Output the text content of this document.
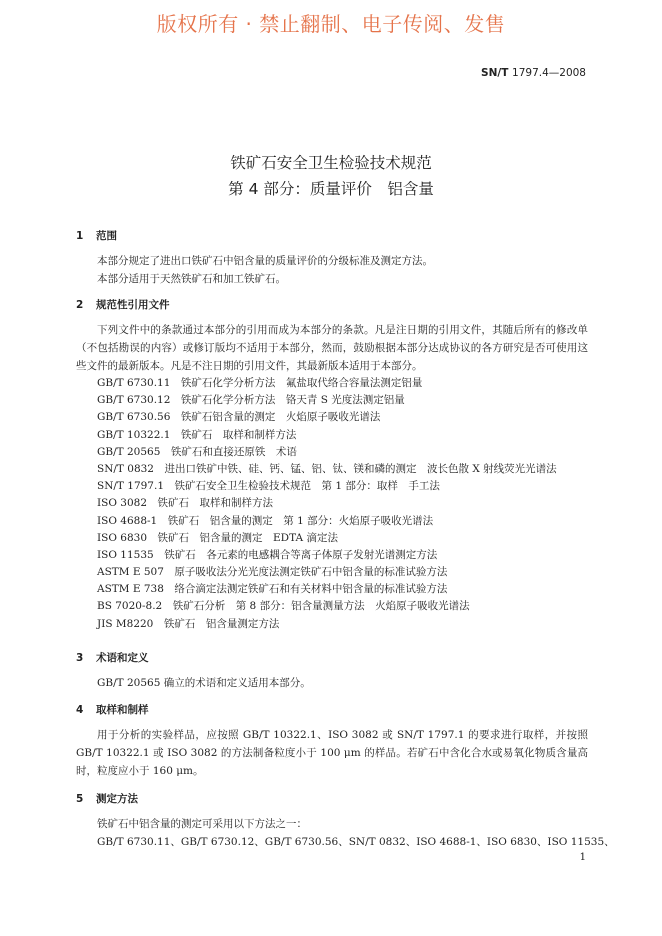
版权所有 · 禁止翻制、电子传阅、发售
SN/T 1797.4—2008
铁矿石安全卫生检验技术规范
第 4 部分：质量评价　铝含量
1 范围

本部分规定了进出口铁矿石中铝含量的质量评价的分级标准及测定方法。

本部分适用于天然铁矿石和加工铁矿石。

2 规范性引用文件

下列文件中的条款通过本部分的引用而成为本部分的条款。凡是注日期的引用文件，其随后所有的修改单（不包括勘误的内容）或修订版均不适用于本部分，然而，鼓励根据本部分达成协议的各方研究是否可使用这些文件的最新版本。凡是不注日期的引用文件，其最新版本适用于本部分。

GB/T 6730.11　铁矿石化学分析方法　氟盐取代络合容量法测定铝量
GB/T 6730.12　铁矿石化学分析方法　铬天青 S 光度法测定铝量
GB/T 6730.56　铁矿石铝含量的测定　火焰原子吸收光谱法
GB/T 10322.1　铁矿石　取样和制样方法
GB/T 20565　铁矿石和直接还原铁　术语
SN/T 0832　进出口铁矿中铁、硅、钙、锰、铝、钛、镁和磷的测定　波长色散 X 射线荧光光谱法
SN/T 1797.1　铁矿石安全卫生检验技术规范　第 1 部分：取样　手工法
ISO 3082　铁矿石　取样和制样方法
ISO 4688-1　铁矿石　铝含量的测定　第 1 部分：火焰原子吸收光谱法
ISO 6830　铁矿石　铝含量的测定　EDTA 滴定法
ISO 11535　铁矿石　各元素的电感耦合等离子体原子发射光谱测定方法
ASTM E 507　原子吸收法分光光度法测定铁矿石中铝含量的标准试验方法
ASTM E 738　络合滴定法测定铁矿石和有关材料中铝含量的标准试验方法
BS 7020-8.2　铁矿石分析　第 8 部分：铝含量测量方法　火焰原子吸收光谱法
JIS M8220　铁矿石　铝含量测定方法
3 术语和定义

GB/T 20565 确立的术语和定义适用本部分。

4 取样和制样

用于分析的实验样品，应按照 GB/T 10322.1、ISO 3082 或 SN/T 1797.1 的要求进行取样，并按照 GB/T 10322.1 或 ISO 3082 的方法制备粒度小于 100 μm 的样品。若矿石中含化合水或易氧化物质含量高时，粒度应小于 160 μm。

5 测定方法

铁矿石中铝含量的测定可采用以下方法之一：

GB/T 6730.11、GB/T 6730.12、GB/T 6730.56、SN/T 0832、ISO 4688-1、ISO 6830、ISO 11535、

1
